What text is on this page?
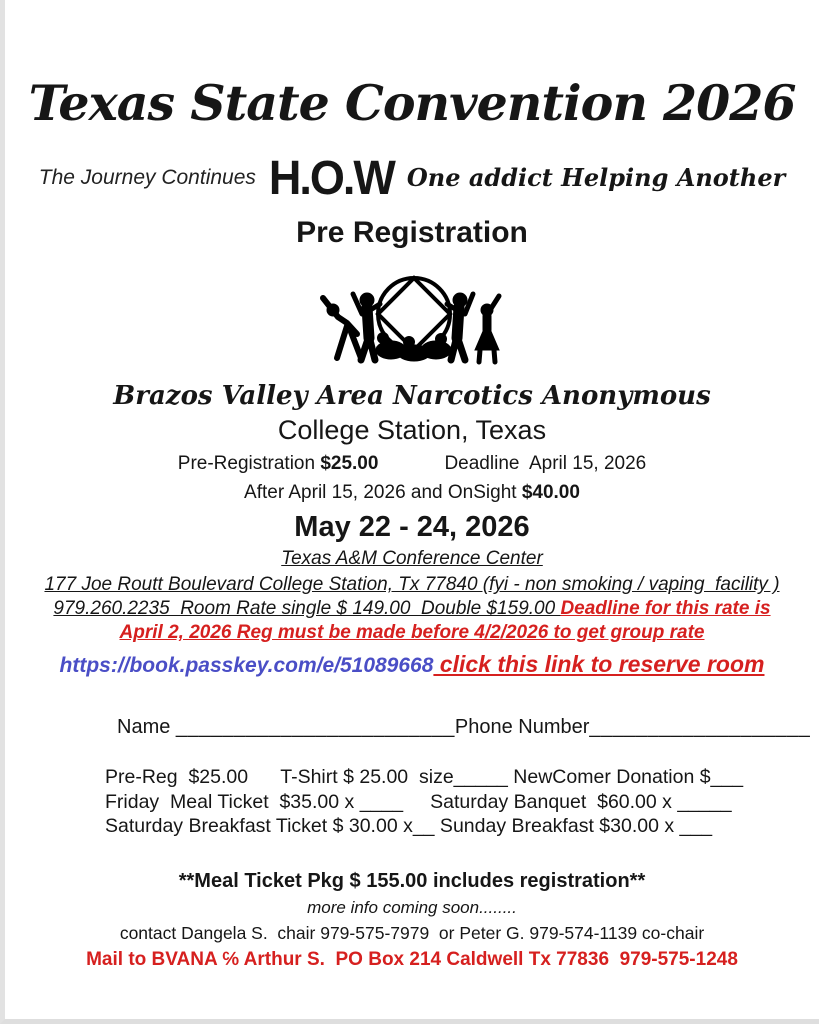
Texas State Convention 2026
The Journey Continues H.O.W One addict Helping Another
Pre Registration
Brazos Valley Area Narcotics Anonymous
College Station, Texas
Pre-Registration $25.00	Deadline  April 15, 2026
After April 15, 2026 and OnSight $40.00
May 22 - 24, 2026
Texas A&M Conference Center
177 Joe Routt Boulevard College Station, Tx 77840 (fyi - non smoking / vaping  facility )
979.260.2235  Room Rate single $ 149.00  Double $159.00 Deadline for this rate is
April 2, 2026 Reg must be made before 4/2/2026 to get group rate
https://book.passkey.com/e/51089668 click this link to reserve room
Name ________________________Phone Number___________________
Pre-Reg  $25.00      T-Shirt $ 25.00  size_____ NewComer Donation $___
Friday  Meal Ticket  $35.00 x ____     Saturday Banquet  $60.00 x _____
Saturday Breakfast Ticket $ 30.00 x__ Sunday Breakfast $30.00 x ___
**Meal Ticket Pkg $ 155.00 includes registration**
more info coming soon........
contact Dangela S.  chair 979-575-7979  or Peter G. 979-574-1139 co-chair
Mail to BVANA ℅ Arthur S.  PO Box 214 Caldwell Tx 77836  979-575-1248
